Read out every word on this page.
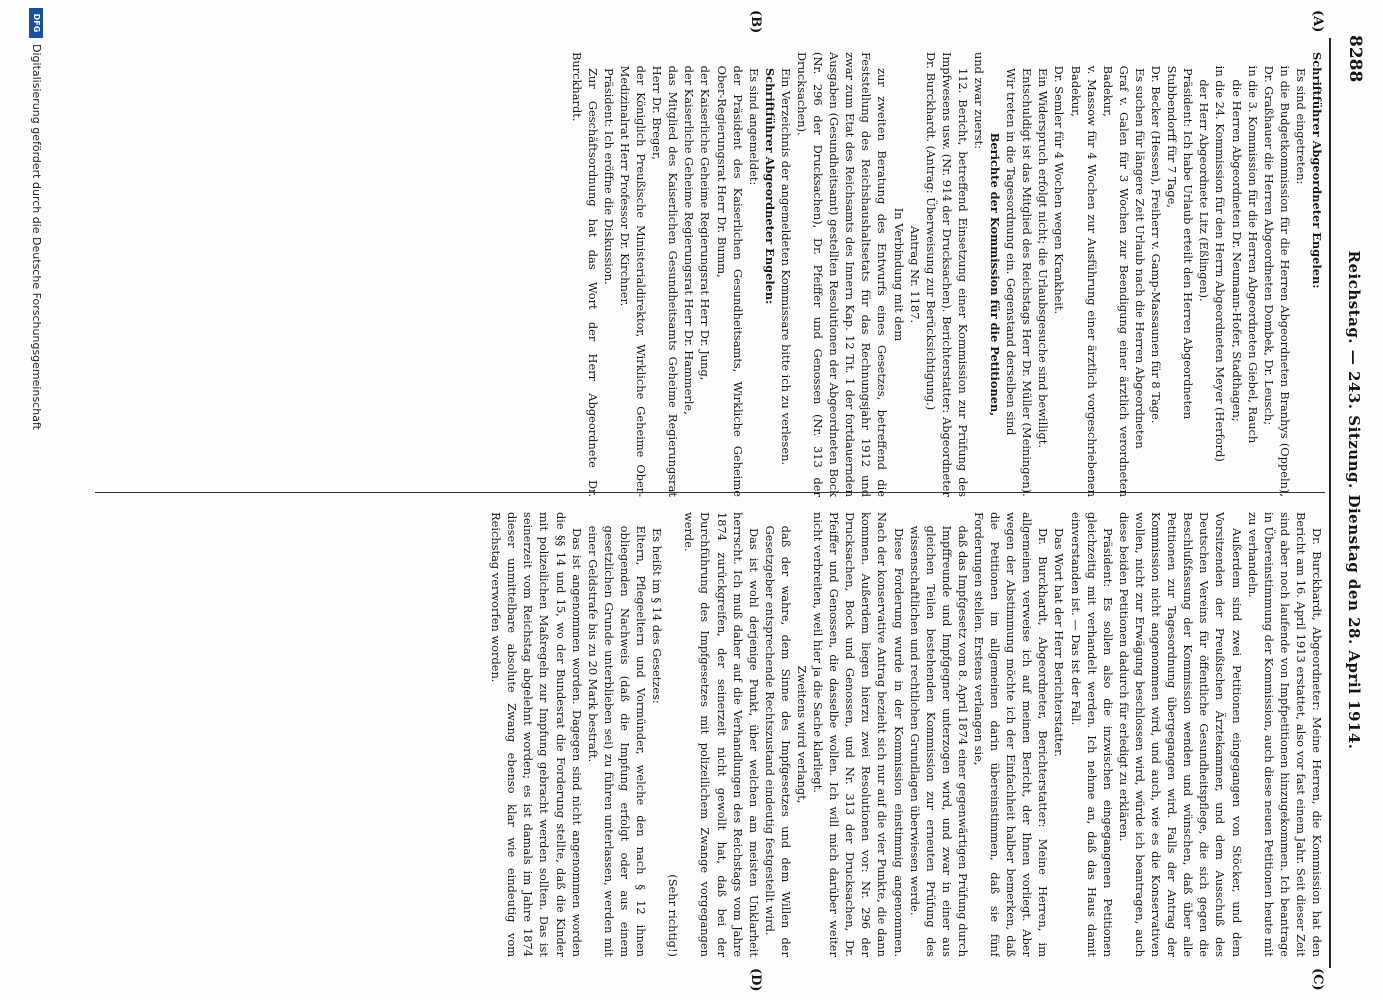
8288
Reichstag. — 243. Sitzung. Dienstag den 28. April 1914.
(A)
(B)
(C)
(D)

Schriftführer Abgeordneter Engelen:

Es sind eingetreten:

in die Budgetkommission für die Herren Abgeordneten Branhys (Oppeln), Dr. Graßhauer die Herren Abgeordneten Dombek, Dr. Leusch;

in die 3. Kommission für die Herren Abgeordneten Giebel, Rauch

die Herren Abgeordneten Dr. Neumann-Hofer, Stadthagen;

in die 24. Kommission für den Herrn Abgeordneten Meyer (Herford)

der Herr Abgeordnete Litz (Eßlingen).

Präsident: Ich habe Urlaub erteilt den Herren Abgeordneten

Stubbendorff für 7 Tage,

Dr. Becker (Hessen), Freiherr v. Gamp-Massaunen für 8 Tage.

Es suchen für längere Zeit Urlaub nach die Herren Abgeordneten

Graf v. Galen für 3 Wochen zur Beendigung einer ärztlich verordneten Badekur,

v. Massow für 4 Wochen zur Ausführung einer ärztlich vorgeschriebenen Badekur,

Dr. Semler für 4 Wochen wegen Krankheit.

Ein Widerspruch erfolgt nicht; die Urlaubsgesuche sind bewilligt.

Entschuldigt ist das Mitglied des Reichstags Herr Dr. Müller (Meiningen).

Wir treten in die Tagesordnung ein. Gegenstand derselben sind

Berichte der Kommission für die Petitionen,

und zwar zuerst:

112. Bericht, betreffend Einsetzung einer Kommission zur Prüfung des Impfwesens usw. (Nr. 914 der Drucksachen). Berichterstatter: Abgeordneter Dr. Burckhardt. (Antrag: Überweisung zur Berücksichtigung.)

Antrag Nr. 1187.

In Verbindung mit dem

zur zweiten Beratung des Entwurfs eines Gesetzes, betreffend die Feststellung des Reichshaushaltsetats für das Rechnungsjahr 1912 und zwar zum Etat des Reichsamts des Innern Kap. 12 Tit. 1 der fortdauernden Ausgaben (Gesundheitsamt) gestellten Resolutionen der Abgeordneten Bock (Nr. 296 der Drucksachen), Dr. Pfeiffer und Genossen (Nr. 313 der Drucksachen).

Ein Verzeichnis der angemeldeten Kommissare bitte ich zu verlesen.

Schriftführer Abgeordneter Engelen:

Es sind angemeldet:

der Präsident des Kaiserlichen Gesundheitsamts, Wirkliche Geheime Ober-Regierungsrat Herr Dr. Bumm,

der Kaiserliche Geheime Regierungsrat Herr Dr. Jung,

der Kaiserliche Geheime Regierungsrat Herr Dr. Hammerle,

das Mitglied des Kaiserlichen Gesundheitsamts Geheime Regierungsrat Herr Dr. Breger,

der Königlich Preußische Ministerialdirektor, Wirkliche Geheime Ober-Medizinalrat Herr Professor Dr. Kirchner.

Präsident: Ich eröffne die Diskussion.

Zur Geschäftsordnung hat das Wort der Herr Abgeordnete Dr. Burckhardt.

Dr. Burckhardt, Abgeordneter: Meine Herren, die Kommission hat den Bericht am 16. April 1913 erstattet, also vor fast einem Jahr. Seit dieser Zeit sind aber noch laufende von Impfpetitionen hinzugekommen. Ich beantrage in Übereinstimmung der Kommission, auch diese neuen Petitionen heute mit zu verhandeln.

Außerdem sind zwei Petitionen eingegangen von Stöcker, und dem Vorsitzenden der Preußischen Ärztekammer, und dem Ausschuß des Deutschen Vereins für öffentliche Gesundheitspflege, die sich gegen die Beschlußfassung der Kommission wenden und wünschen, daß über alle Petitionen zur Tagesordnung übergegangen wird. Falls der Antrag der Kommission nicht angenommen wird, und auch, wie es die Konservativen wollen, nicht zur Erwägung beschlossen wird, würde ich beantragen, auch diese beiden Petitionen dadurch für erledigt zu erklären.

Präsident: Es sollen also die inzwischen eingegangenen Petitionen gleichzeitig mit verhandelt werden. Ich nehme an, daß das Haus damit einverstanden ist. — Das ist der Fall.

Das Wort hat der Herr Berichterstatter.

Dr. Burckhardt, Abgeordneter, Berichterstatter: Meine Herren, im allgemeinen verweise ich auf meinen Bericht, der Ihnen vorliegt. Aber wegen der Abstimmung möchte ich der Einfachheit halber bemerken, daß die Petitionen im allgemeinen darin übereinstimmen, daß sie fünf Forderungen stellen. Erstens verlangen sie,

daß das Impfgesetz vom 8. April 1874 einer gegenwärtigen Prüfung durch Impffreunde und Impfgegner unterzogen wird, und zwar in einer aus gleichen Teilen bestehenden Kommission zur erneuten Prüfung des wissenschaftlichen und rechtlichen Grundlagen überwiesen werde.

Diese Forderung wurde in der Kommission einstimmig angenommen. Nach der konservative Antrag bezieht sich nur auf die vier Punkte, die dann kommen. Außerdem liegen hierzu zwei Resolutionen vor: Nr. 296 der Drucksachen, Bock und Genossen, und Nr. 313 der Drucksachen, Dr. Pfeiffer und Genossen, die dasselbe wollen. Ich will mich darüber weiter nicht verbreiten, weil hier ja die Sache klarliegt.

Zweitens wird verlangt,

daß der wahre, dem Sinne des Impfgesetzes und dem Willen der Gesetzgeber entsprechende Rechtszustand eindeutig festgestellt wird.

Das ist wohl derjenige Punkt, über welchen am meisten Unklarheit herrscht. Ich muß daher auf die Verhandlungen des Reichstags vom Jahre 1874 zurückgreifen, der seinerzeit nicht gewollt hat, daß bei der Durchführung des Impfgesetzes mit polizeilichem Zwange vorgegangen werde.

(Sehr richtig!)

Es heißt im § 14 des Gesetzes:

Eltern, Pflegeeltern und Vormünder, welche den nach § 12 ihnen obliegenden Nachweis (daß die Impfung erfolgt oder aus einem gesetzlichen Grunde unterblieben sei) zu führen unterlassen, werden mit einer Geldstrafe bis zu 20 Mark bestraft.

Das ist angenommen worden. Dagegen sind nicht angenommen worden die §§ 14 und 15, wo der Bundesrat die Forderung stellte, daß die Kinder mit polizeilichen Maßregeln zur Impfung gebracht werden sollten. Das ist seinerzeit vom Reichstag abgelehnt worden; es ist damals im Jahre 1874 dieser unmittelbare absolute Zwang ebenso klar wie eindeutig vom Reichstag verworfen worden.

DFG
Digitalisierung gefördert durch die Deutsche Forschungsgemeinschaft
